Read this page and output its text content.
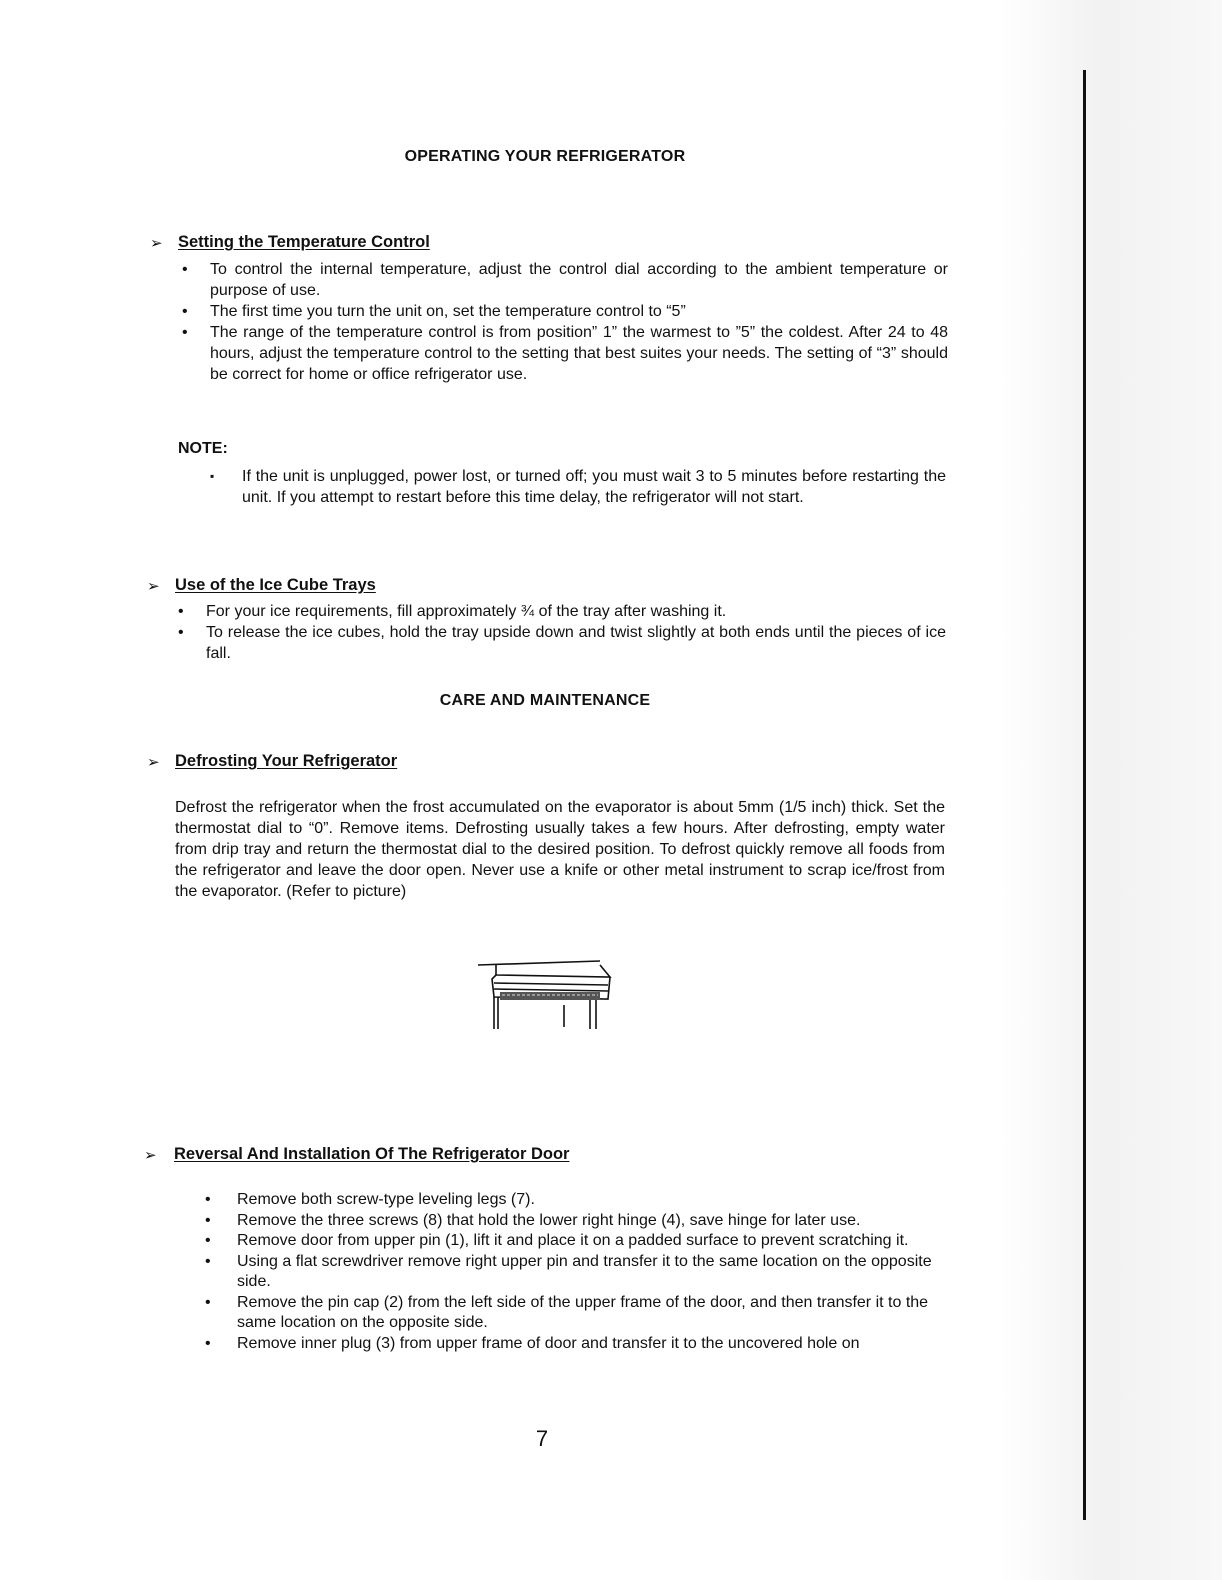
OPERATING YOUR REFRIGERATOR
➢ Setting the Temperature Control
• To control the internal temperature, adjust the control dial according to the ambient temperature or purpose of use.
• The first time you turn the unit on, set the temperature control to “5”
• The range of the temperature control is from position” 1” the warmest to ”5” the coldest. After 24 to 48 hours, adjust the temperature control to the setting that best suites your needs. The setting of “3” should be correct for home or office refrigerator use.
NOTE:
▪ If the unit is unplugged, power lost, or turned off; you must wait 3 to 5 minutes before restarting the unit. If you attempt to restart before this time delay, the refrigerator will not start.
➢ Use of the Ice Cube Trays
• For your ice requirements, fill approximately ¾ of the tray after washing it.
• To release the ice cubes, hold the tray upside down and twist slightly at both ends until the pieces of ice fall.
CARE AND MAINTENANCE
➢ Defrosting Your Refrigerator

Defrost the refrigerator when the frost accumulated on the evaporator is about 5mm (1/5 inch) thick. Set the thermostat dial to “0”. Remove items. Defrosting usually takes a few hours. After defrosting, empty water from drip tray and return the thermostat dial to the desired position. To defrost quickly remove all foods from the refrigerator and leave the door open. Never use a knife or other metal instrument to scrap ice/frost from the evaporator. (Refer to picture)

➢	Reversal And Installation Of The Refrigerator Door
• Remove both screw-type leveling legs (7).
• Remove the three screws (8) that hold the lower right hinge (4), save hinge for later use.
• Remove door from upper pin (1), lift it and place it on a padded surface to prevent scratching it.
• Using a flat screwdriver remove right upper pin and transfer it to the same location on the opposite side.
• Remove the pin cap (2) from the left side of the upper frame of the door, and then transfer it to the same location on the opposite side.
• Remove inner plug (3) from upper frame of door and transfer it to the uncovered hole on
7
